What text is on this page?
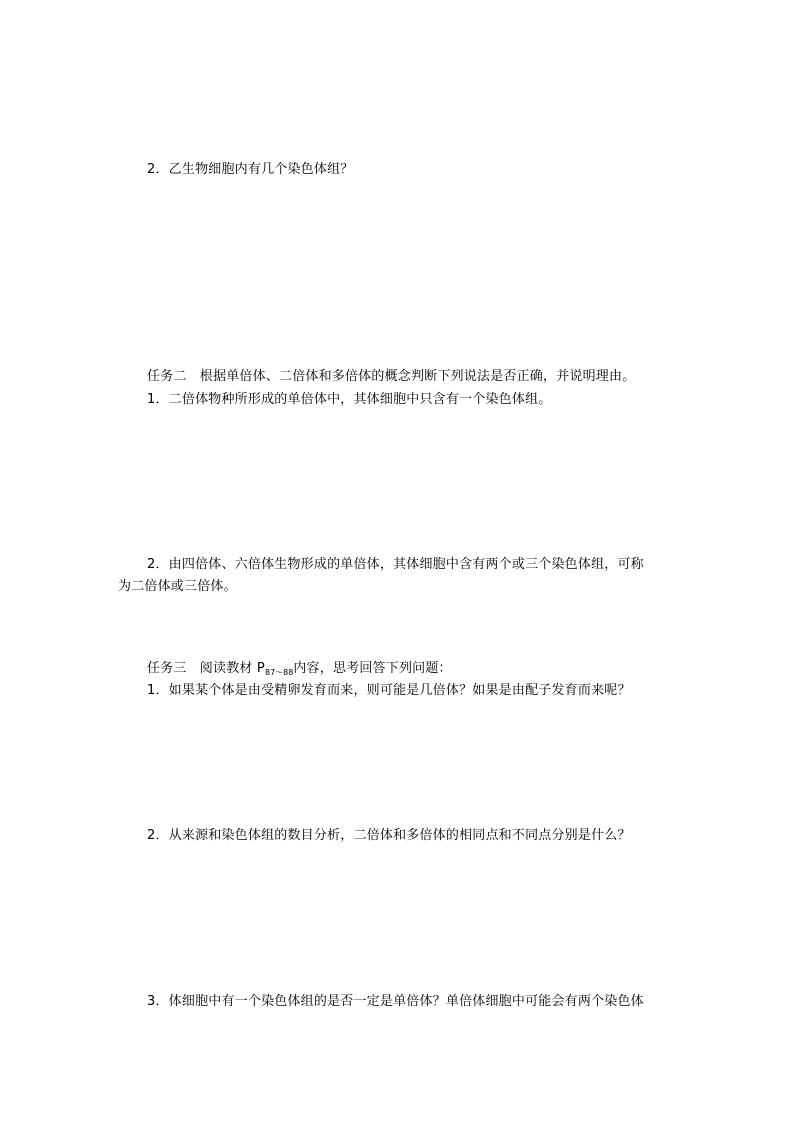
2．乙生物细胞内有几个染色体组？
任务二　根据单倍体、二倍体和多倍体的概念判断下列说法是否正确，并说明理由。
1．二倍体物种所形成的单倍体中，其体细胞中只含有一个染色体组。
2．由四倍体、六倍体生物形成的单倍体，其体细胞中含有两个或三个染色体组，可称
为二倍体或三倍体。
任务三　阅读教材 $P_{87\sim 88}$内容，思考回答下列问题：
1．如果某个体是由受精卵发育而来，则可能是几倍体？如果是由配子发育而来呢？
2．从来源和染色体组的数目分析，二倍体和多倍体的相同点和不同点分别是什么？
3．体细胞中有一个染色体组的是否一定是单倍体？单倍体细胞中可能会有两个染色体
